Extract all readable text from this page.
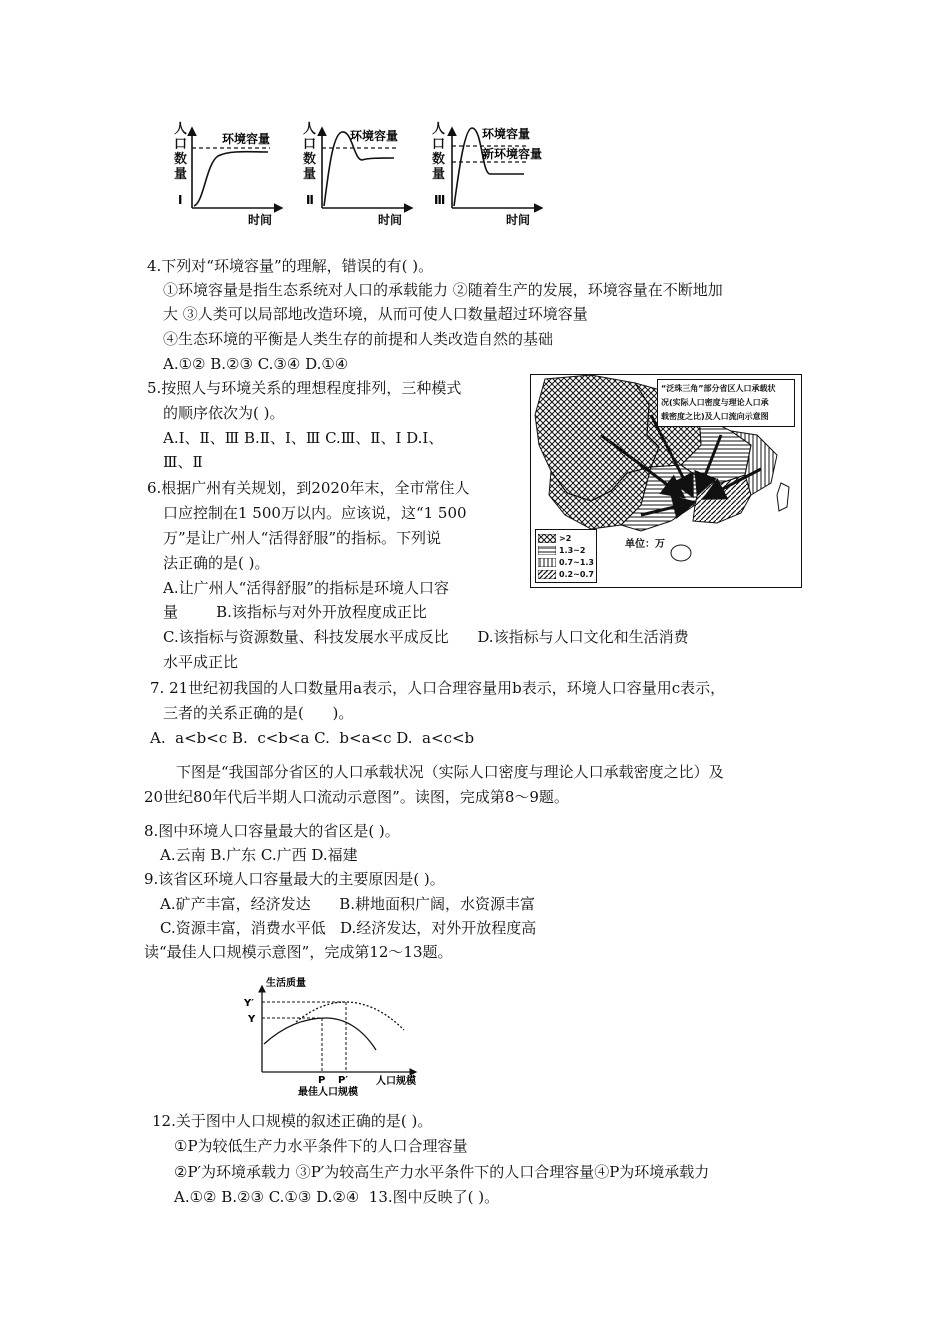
环境容量
时间
Ⅰ
环境容量
时间
Ⅱ
环境容量
新环境容量
时间
Ⅲ
人口数量
人口数量
人口数量
4.下列对“环境容量”的理解，错误的有( )。
①环境容量是指生态系统对人口的承载能力 ②随着生产的发展，环境容量在不断地加
大 ③人类可以局部地改造环境，从而可使人口数量超过环境容量
④生态环境的平衡是人类生存的前提和人类改造自然的基础
A.①② B.②③ C.③④ D.①④
5.按照人与环境关系的理想程度排列，三种模式
的顺序依次为( )。
A.Ⅰ、Ⅱ、Ⅲ B.Ⅱ、Ⅰ、Ⅲ C.Ⅲ、Ⅱ、Ⅰ D.Ⅰ、
Ⅲ、Ⅱ
6.根据广州有关规划，到2020年末，全市常住人
口应控制在1 500万以内。应该说，这“1 500
万”是让广州人“活得舒服”的指标。下列说
法正确的是( )。
A.让广州人“活得舒服”的指标是环境人口容
量        B.该指标与对外开放程度成正比
C.该指标与资源数量、科技发展水平成反比      D.该指标与人口文化和生活消费
水平成正比
“泛珠三角”部分省区人口承载状
况(实际人口密度与理论人口承
载密度之比)及人口流向示意图
>2
1.3~2
0.7~1.3
0.2~0.7
单位：万
7. 21世纪初我国的人口数量用a表示，人口合理容量用b表示，环境人口容量用c表示，
三者的关系正确的是(      )。
A.  a<b<c B.  c<b<a C.  b<a<c D.  a<c<b
下图是“我国部分省区的人口承载状况（实际人口密度与理论人口承载密度之比）及
20世纪80年代后半期人口流动示意图”。读图，完成第8～9题。
8.图中环境人口容量最大的省区是( )。
A.云南 B.广东 C.广西 D.福建
9.该省区环境人口容量最大的主要原因是( )。
A.矿产丰富，经济发达      B.耕地面积广阔，水资源丰富
C.资源丰富，消费水平低   D.经济发达，对外开放程度高
读“最佳人口规模示意图”，完成第12～13题。
生活质量
Y′
Y
P P′	人口规模
最佳人口规模
12.关于图中人口规模的叙述正确的是( )。
①P为较低生产力水平条件下的人口合理容量
②P′为环境承载力 ③P′为较高生产力水平条件下的人口合理容量④P为环境承载力
A.①② B.②③ C.①③ D.②④  13.图中反映了( )。
